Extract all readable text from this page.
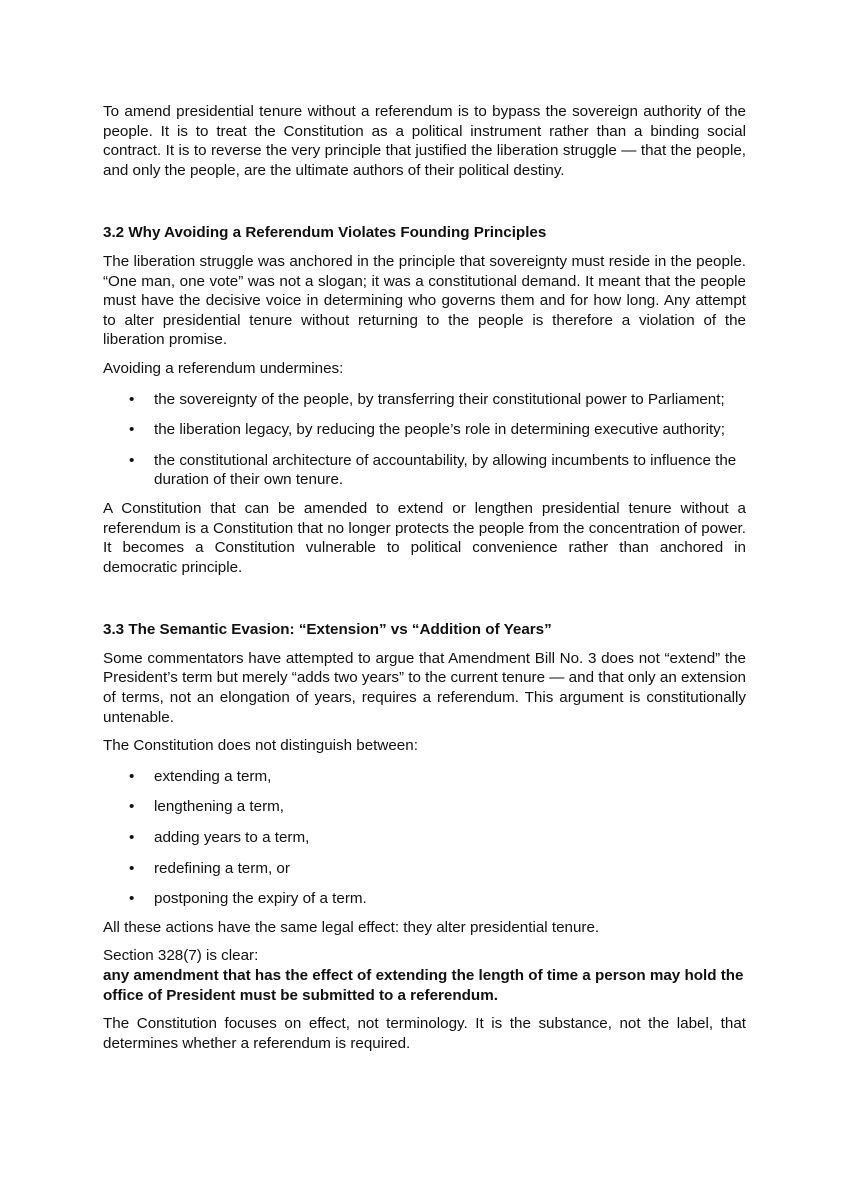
To amend presidential tenure without a referendum is to bypass the sovereign authority of the people. It is to treat the Constitution as a political instrument rather than a binding social contract. It is to reverse the very principle that justified the liberation struggle — that the people, and only the people, are the ultimate authors of their political destiny.

3.2 Why Avoiding a Referendum Violates Founding Principles

The liberation struggle was anchored in the principle that sovereignty must reside in the people. “One man, one vote” was not a slogan; it was a constitutional demand. It meant that the people must have the decisive voice in determining who governs them and for how long. Any attempt to alter presidential tenure without returning to the people is therefore a violation of the liberation promise.

Avoiding a referendum undermines:

• the sovereignty of the people, by transferring their constitutional power to Parliament;
• the liberation legacy, by reducing the people’s role in determining executive authority;
• the constitutional architecture of accountability, by allowing incumbents to influence the duration of their own tenure.

A Constitution that can be amended to extend or lengthen presidential tenure without a referendum is a Constitution that no longer protects the people from the concentration of power. It becomes a Constitution vulnerable to political convenience rather than anchored in democratic principle.

3.3 The Semantic Evasion: “Extension” vs “Addition of Years”

Some commentators have attempted to argue that Amendment Bill No. 3 does not “extend” the President’s term but merely “adds two years” to the current tenure — and that only an extension of terms, not an elongation of years, requires a referendum. This argument is constitutionally untenable.

The Constitution does not distinguish between:

• extending a term,
• lengthening a term,
• adding years to a term,
• redefining a term, or
• postponing the expiry of a term.

All these actions have the same legal effect: they alter presidential tenure.

Section 328(7) is clear:

any amendment that has the effect of extending the length of time a person may hold the office of President must be submitted to a referendum.

The Constitution focuses on effect, not terminology. It is the substance, not the label, that determines whether a referendum is required.
